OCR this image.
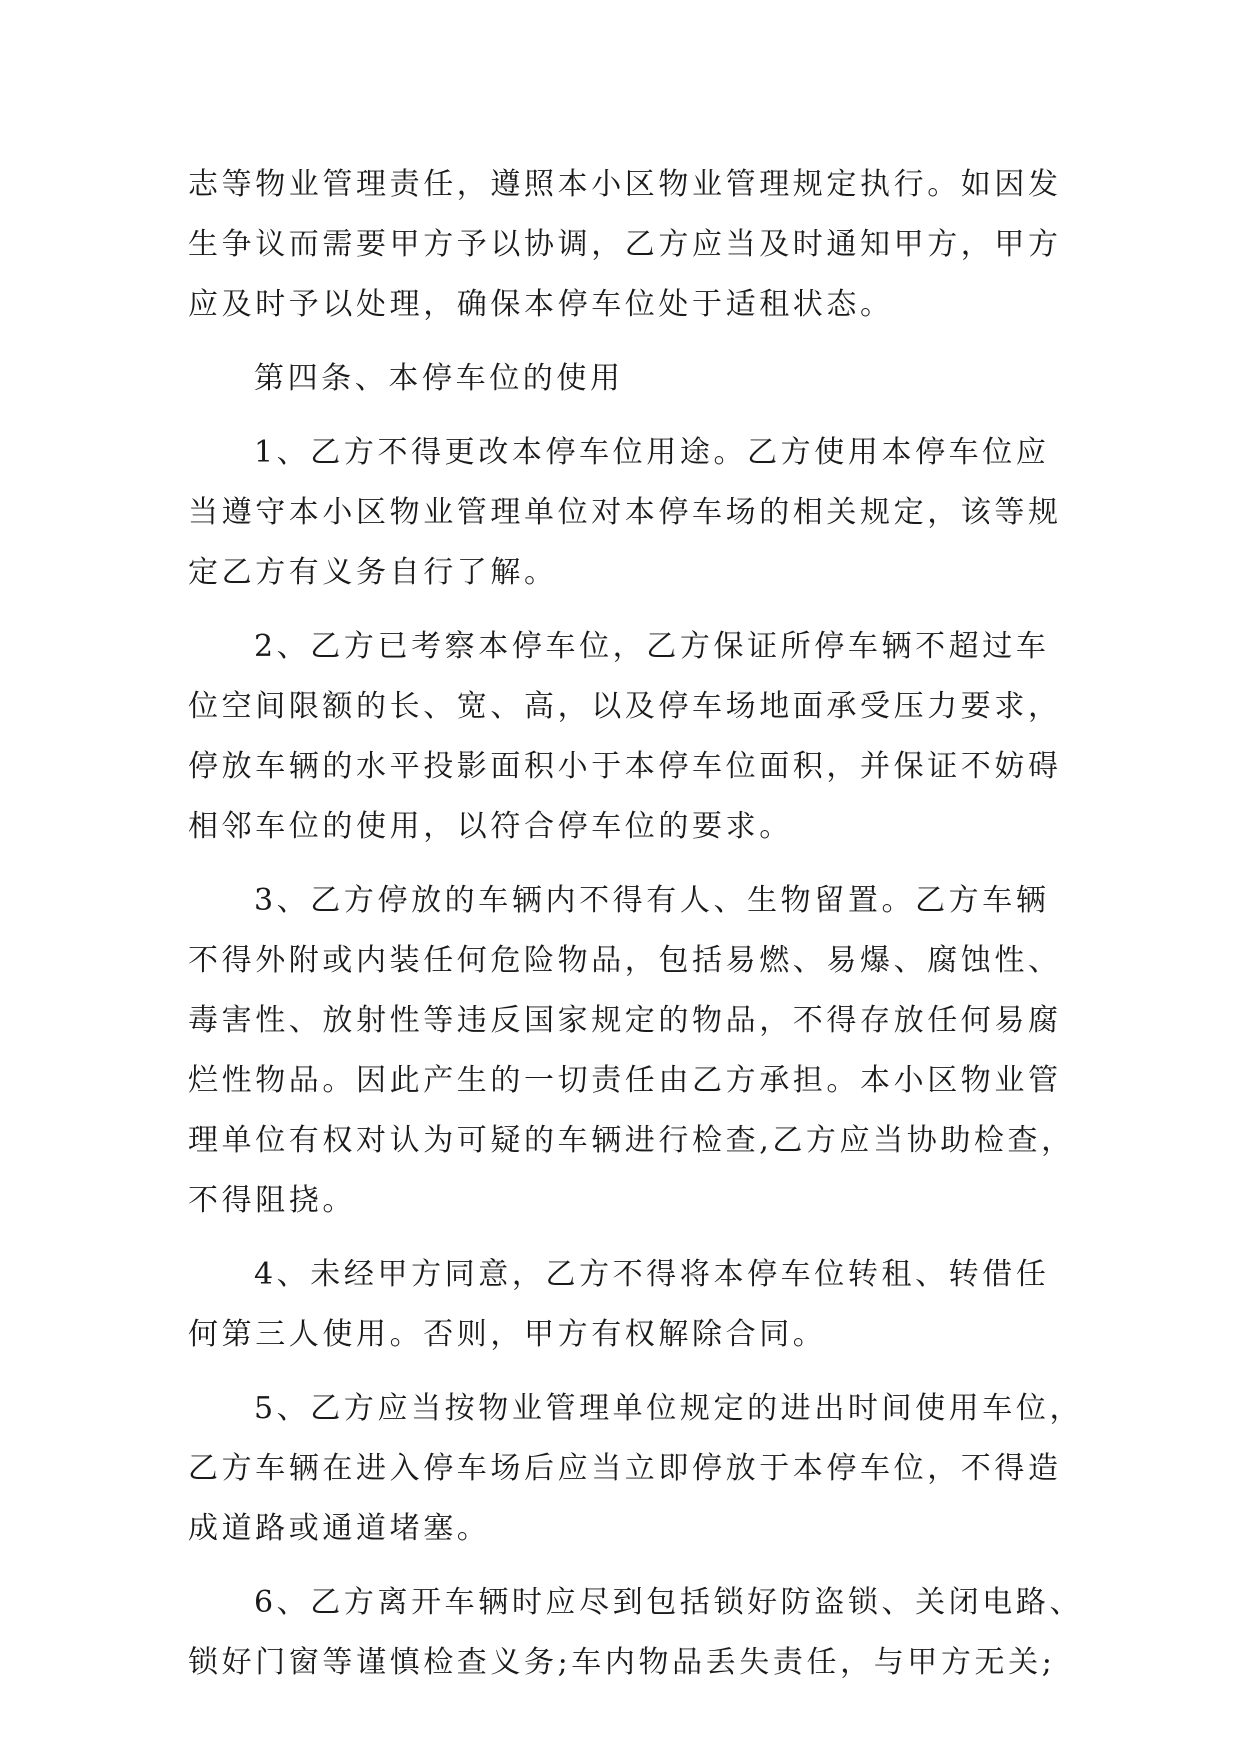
志等物业管理责任，遵照本小区物业管理规定执行。如因发
生争议而需要甲方予以协调，乙方应当及时通知甲方，甲方
应及时予以处理，确保本停车位处于适租状态。
第四条、本停车位的使用
1、乙方不得更改本停车位用途。乙方使用本停车位应
当遵守本小区物业管理单位对本停车场的相关规定，该等规
定乙方有义务自行了解。
2、乙方已考察本停车位，乙方保证所停车辆不超过车
位空间限额的长、宽、高，以及停车场地面承受压力要求，
停放车辆的水平投影面积小于本停车位面积，并保证不妨碍
相邻车位的使用，以符合停车位的要求。
3、乙方停放的车辆内不得有人、生物留置。乙方车辆
不得外附或内装任何危险物品，包括易燃、易爆、腐蚀性、
毒害性、放射性等违反国家规定的物品，不得存放任何易腐
烂性物品。因此产生的一切责任由乙方承担。本小区物业管
理单位有权对认为可疑的车辆进行检查,乙方应当协助检查，
不得阻挠。
4、未经甲方同意，乙方不得将本停车位转租、转借任
何第三人使用。否则，甲方有权解除合同。
5、乙方应当按物业管理单位规定的进出时间使用车位，
乙方车辆在进入停车场后应当立即停放于本停车位，不得造
成道路或通道堵塞。
6、乙方离开车辆时应尽到包括锁好防盗锁、关闭电路、
锁好门窗等谨慎检查义务;车内物品丢失责任，与甲方无关;
